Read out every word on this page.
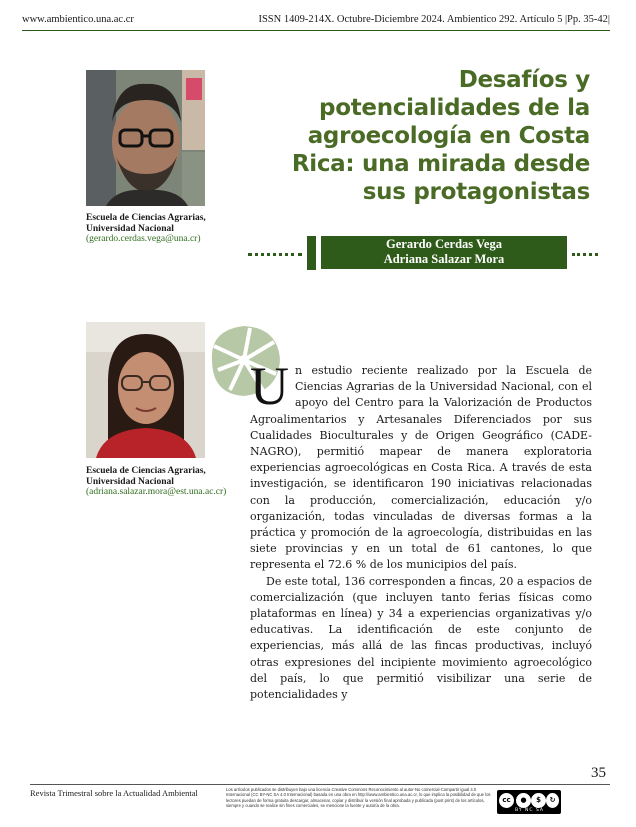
www.ambientico.una.ac.cr	ISSN 1409-214X. Octubre-Diciembre 2024. Ambientico 292. Artículo 5 |Pp. 35-42|
Escuela de Ciencias Agrarias, Universidad Nacional
(gerardo.cerdas.vega@una.cr)
Desafíos y potencialidades de la agroecología en Costa Rica: una mirada desde sus protagonistas
Gerardo Cerdas Vega
Adriana Salazar Mora
Escuela de Ciencias Agrarias, Universidad Nacional
(adriana.salazar.mora@est.una.ac.cr)

Un estudio reciente realizado por la Escuela de Ciencias Agrarias de la Universidad Nacional, con el apoyo del Centro para la Valorización de Productos Agroalimentarios y Artesanales Diferenciados por sus Cualidades Bioculturales y de Origen Geográfico (CADE-NAGRO), permitió mapear de manera exploratoria experiencias agroecológicas en Costa Rica. A través de esta investigación, se identificaron 190 iniciativas relacionadas con la producción, comercialización, educación y/o organización, todas vinculadas de diversas formas a la práctica y promoción de la agroecología, distribuidas en las siete provincias y en un total de 61 cantones, lo que representa el 72.6 % de los municipios del país.

De este total, 136 corresponden a fincas, 20 a espacios de comercialización (que incluyen tanto ferias físicas como plataformas en línea) y 34 a experiencias organizativas y/o educativas. La identificación de este conjunto de experiencias, más allá de las fincas productivas, incluyó otras expresiones del incipiente movimiento agroecológico del país, lo que permitió visibilizar una serie de potencialidades y

35
Revista Trimestral sobre la Actualidad Ambiental	Los artículos publicados se distribuyen bajo una licencia Creative Commons Reconocimiento al autor-No comercial-Compartir igual 4.0 Internacional (CC BY-NC SA 4.0 Internacional) basada en una obra en http://www.ambientico.una.ac.cr, lo que implica la posibilidad de que los lectores puedan de forma gratuita descargar, almacenar, copiar y distribuir la versión final aprobada y publicada (post print) de los artículos, siempre y cuando se realice sin fines comerciales, se mencione la fuente y autoría de la obra.
cc	●	$	↻
BY NC SA
